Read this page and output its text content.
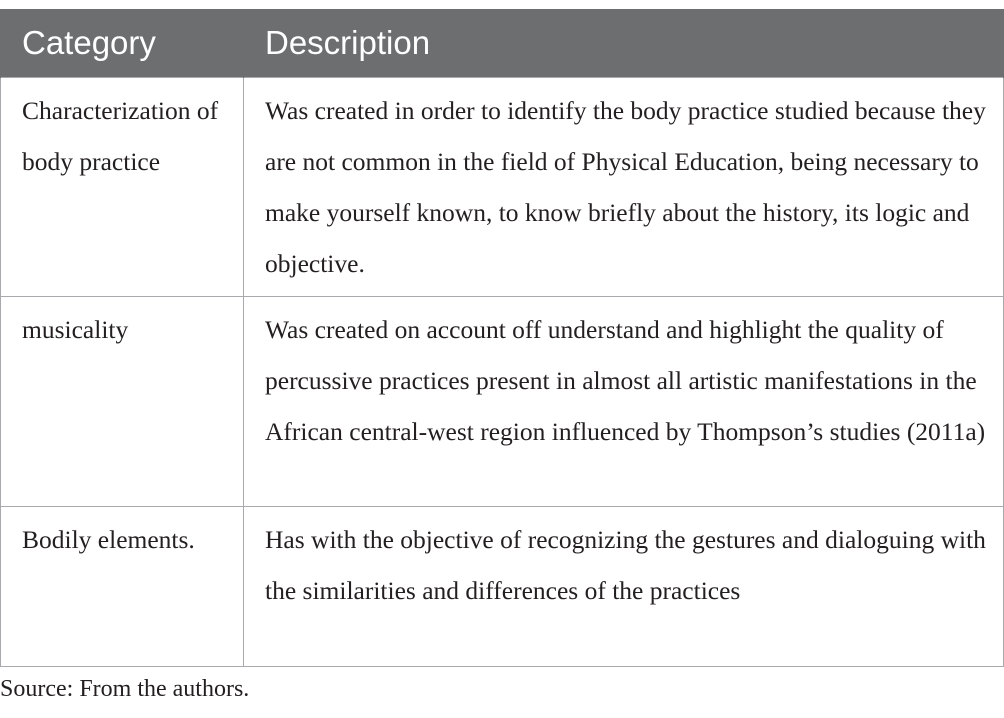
Category	Description
Characterization of body practice	Was created in order to identify the body practice studied because they are not common in the field of Physical Education, being necessary to make yourself known, to know briefly about the history, its logic and objective.
musicality	Was created on account off understand and highlight the quality of percussive practices present in almost all artistic manifestations in the African central-west region influenced by Thompson’s studies (2011a)
Bodily elements.	Has with the objective of recognizing the gestures and dialoguing with the similarities and differences of the practices
Source: From the authors.
